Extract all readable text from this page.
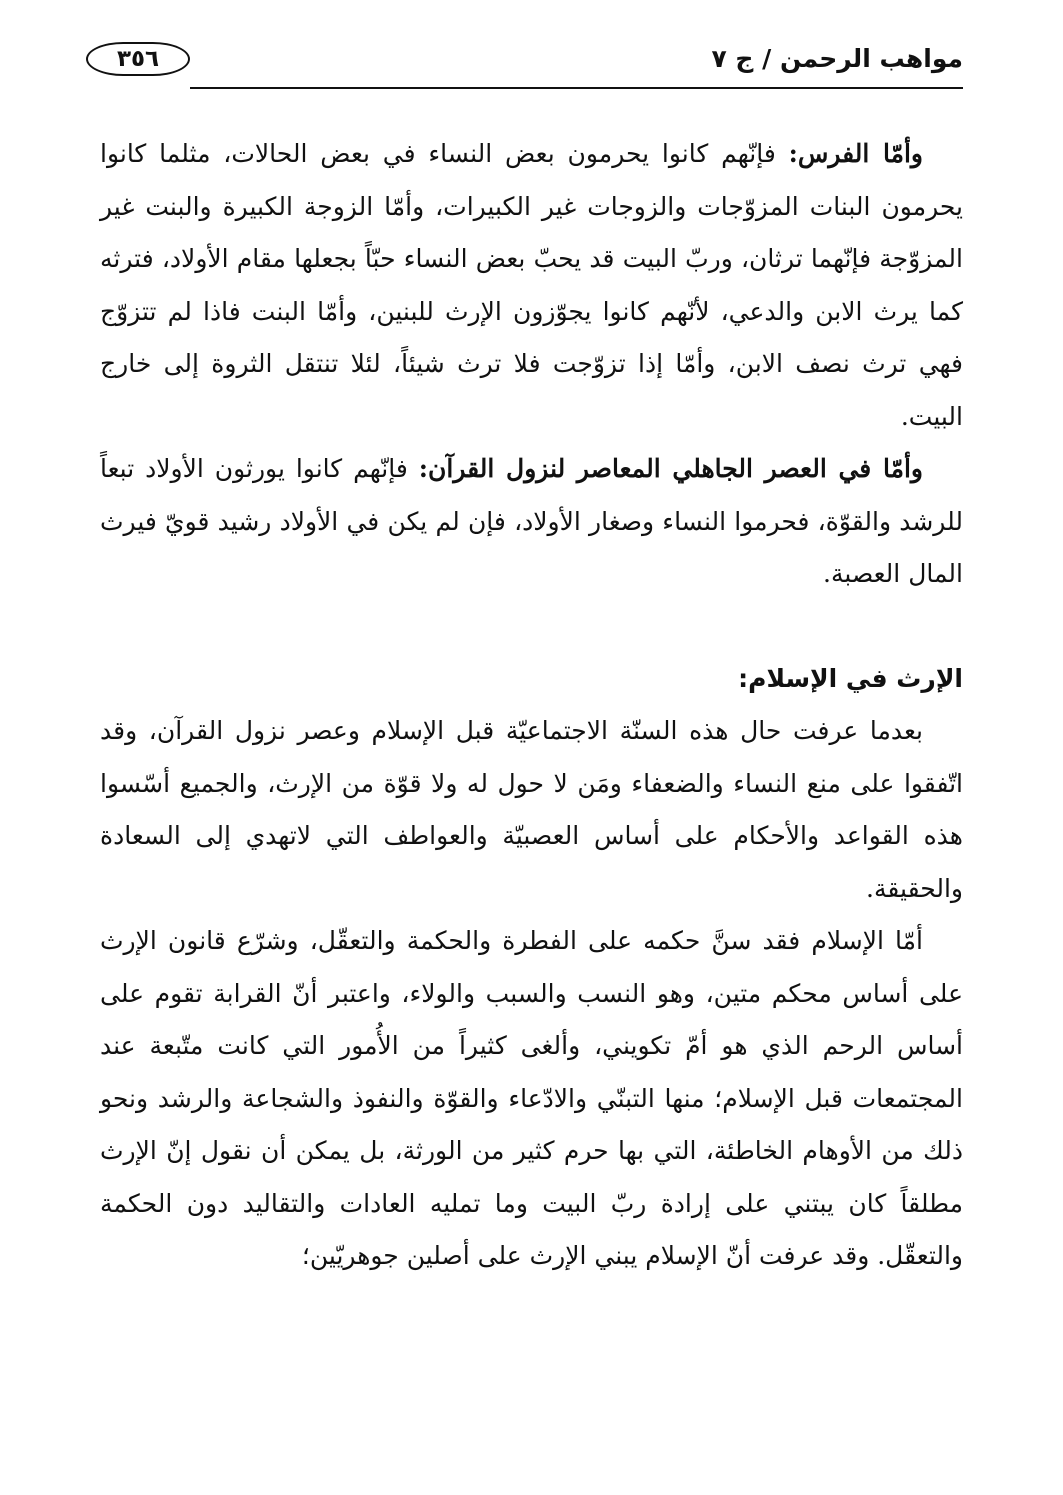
مواهب الرحمن / ج ٧
٣٥٦

وأمّا الفرس: فإنّهم كانوا يحرمون بعض النساء في بعض الحالات، مثلما كانوا يحرمون البنات المزوّجات والزوجات غير الكبيرات، وأمّا الزوجة الكبيرة والبنت غير المزوّجة فإنّهما ترثان، وربّ البيت قد يحبّ بعض النساء حبّاً بجعلها مقام الأولاد، فترثه كما يرث الابن والدعي، لأنّهم كانوا يجوّزون الإرث للبنين، وأمّا البنت فاذا لم تتزوّج فهي ترث نصف الابن، وأمّا إذا تزوّجت فلا ترث شيئاً، لئلا تنتقل الثروة إلى خارج البيت.

وأمّا في العصر الجاهلي المعاصر لنزول القرآن: فإنّهم كانوا يورثون الأولاد تبعاً للرشد والقوّة، فحرموا النساء وصغار الأولاد، فإن لم يكن في الأولاد رشيد قويّ فيرث المال العصبة.

الإرث في الإسلام:

بعدما عرفت حال هذه السنّة الاجتماعيّة قبل الإسلام وعصر نزول القرآن، وقد اتّفقوا على منع النساء والضعفاء ومَن لا حول له ولا قوّة من الإرث، والجميع أسّسوا هذه القواعد والأحكام على أساس العصبيّة والعواطف التي لاتهدي إلى السعادة والحقيقة.

أمّا الإسلام فقد سنَّ حكمه على الفطرة والحكمة والتعقّل، وشرّع قانون الإرث على أساس محكم متين، وهو النسب والسبب والولاء، واعتبر أنّ القرابة تقوم على أساس الرحم الذي هو أمّ تكويني، وألغى كثيراً من الأُمور التي كانت متّبعة عند المجتمعات قبل الإسلام؛ منها التبنّي والادّعاء والقوّة والنفوذ والشجاعة والرشد ونحو ذلك من الأوهام الخاطئة، التي بها حرم كثير من الورثة، بل يمكن أن نقول إنّ الإرث مطلقاً كان يبتني على إرادة ربّ البيت وما تمليه العادات والتقاليد دون الحكمة والتعقّل. وقد عرفت أنّ الإسلام يبني الإرث على أصلين جوهريّين؛
